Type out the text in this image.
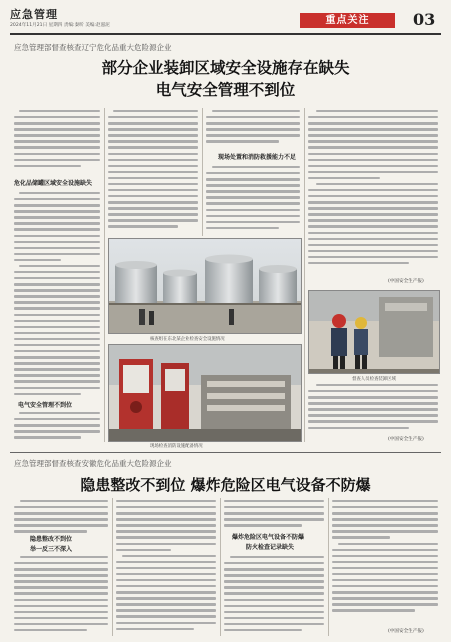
应急管理
2024年11月21日 星期四 责编:秦昕 美编:赵滋泥	重点关注	03
应急管理部督查核查辽宁危化品重大危险源企业
部分企业装卸区域安全设施存在缺失
电气安全管理不到位
危化品储罐区域安全设施缺失
电气安全管理不到位
现场处置和消防救援能力不足
(中国安全生产报)
核查组在东北某企业检查安全设施情况
现场检查消防设施配备情况
督查人员检查装卸区域
(中国安全生产报)
应急管理部督查核查安徽危化品重大危险源企业
隐患整改不到位 爆炸危险区电气设备不防爆
隐患整改不到位
举一反三不深入
爆炸危险区电气设备不防爆
防火检查记录缺失
(中国安全生产报)
